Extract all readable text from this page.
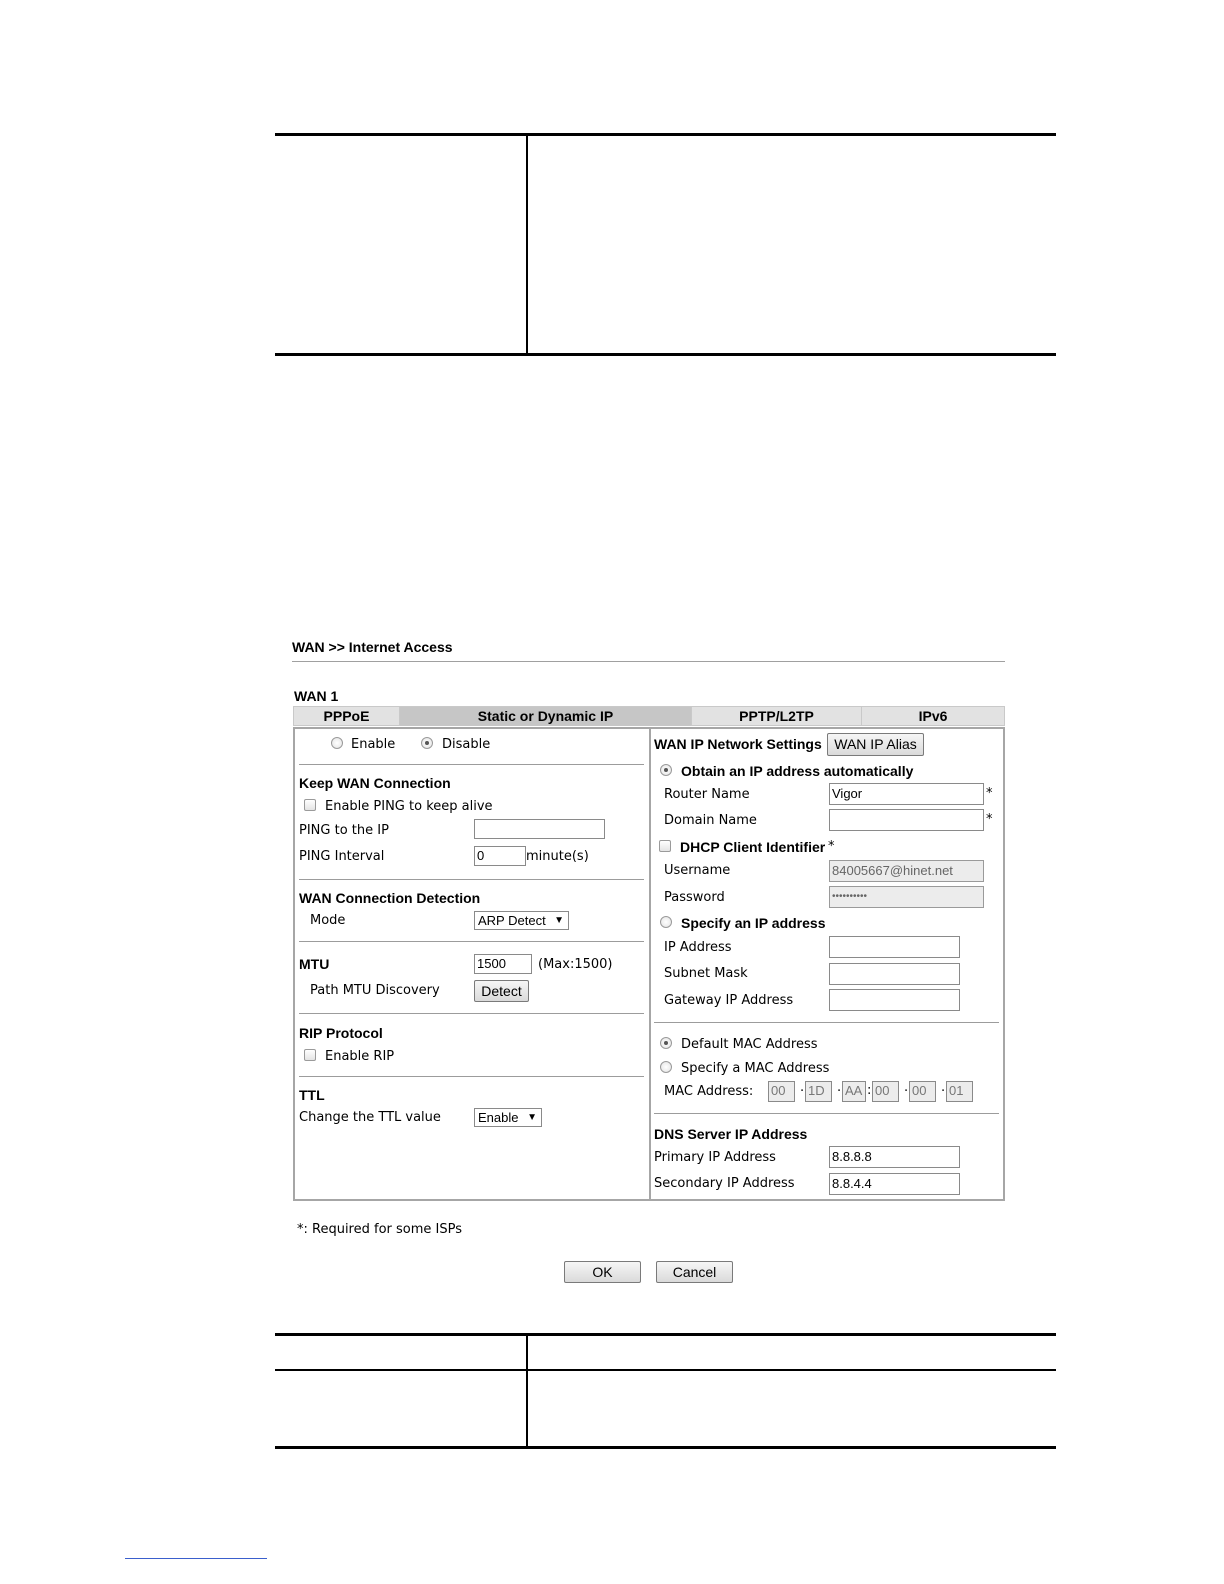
WAN >> Internet Access
WAN 1
PPPoE	Static or Dynamic IP	PPTP/L2TP	IPv6
Enable	Disable
Keep WAN Connection
Enable PING to keep alive
PING to the IP
PING Interval	0	minute(s)
WAN Connection Detection
Mode	ARP Detect ▼
MTU	1500	(Max:1500)
Path MTU Discovery	Detect
RIP Protocol
Enable RIP
TTL
Change the TTL value	Enable ▼
WAN IP Network Settings WAN IP Alias
Obtain an IP address automatically
Router Name	Vigor	*
Domain Name	*
DHCP Client Identifier *
Username	84005667@hinet.net
Password	••••••••••
Specify an IP address
IP Address
Subnet Mask
Gateway IP Address
Default MAC Address
Specify a MAC Address
MAC Address: 00	· 1D · AA : 00	· 00	· 01
DNS Server IP Address
Primary IP Address	8.8.8.8
Secondary IP Address	8.8.4.4
*: Required for some ISPs
OK	Cancel
